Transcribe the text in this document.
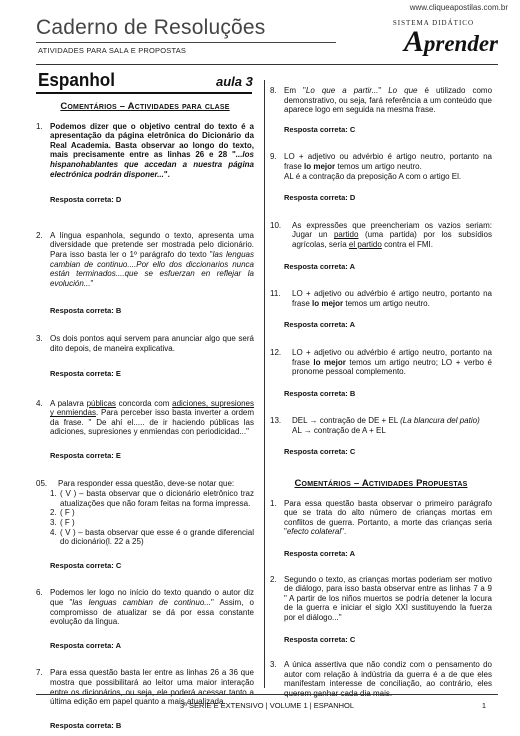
www.cliqueapostilas.com.br
Caderno de Resoluções
ATIVIDADES PARA SALA E PROPOSTAS
SISTEMA DIDÁTICO
Aprender
Espanhol	aula 3
Comentários – Actividades para clase
1. Podemos dizer que o objetivo central do texto é a apresentação da página eletrônica do Dicionário da Real Academia. Basta observar ao longo do texto, mais precisamente entre as linhas 26 e 28 "...los hispanohablantes que accedan a nuestra página electrónica podrán disponer...".
Resposta correta: D
2. A língua espanhola, segundo o texto, apresenta uma diversidade que pretende ser mostrada pelo dicionário. Para isso basta ler o 1º parágrafo do texto "las lenguas cambian de continuo....Por ello dos diccionarios nunca están terminados....que se esfuerzan en reflejar la evolución..."
Resposta correta: B
3. Os dois pontos aqui servem para anunciar algo que será dito depois, de maneira explicativa.
Resposta correta: E
4. A palavra públicas concorda com adiciones, supresiones y enmiendas. Para perceber isso basta inverter a ordem da frase. " De ahí el..... de ir haciendo públicas las adiciones, supresiones y enmiendas con periodicidad..."
Resposta correta: E
05.	Para responder essa questão, deve-se notar que:
1. ( V ) – basta observar que o dicionário eletrônico traz atualizações que não foram feitas na forma impressa.
2. ( F )
3. ( F )
4. ( V ) – basta observar que esse é o grande diferencial do dicionário(l. 22 a 25)
Resposta correta: C
6. Podemos ler logo no início do texto quando o autor diz que "las lenguas cambian de continuo..." Assim, o compromisso de atualizar se dá por essa constante evolução da língua.
Resposta correta: A
7. Para essa questão basta ler entre as linhas 26 a 36 que mostra que possibilitará ao leitor uma maior interação entre os dicionários, ou seja, ele poderá acessar tanto a última edição em papel quanto a mais atualizada.
Resposta correta: B
8. Em "Lo que a partir..." Lo que é utilizado como demonstrativo, ou seja, fará referência a um conteúdo que aparece logo em seguida na mesma frase.
Resposta correta: C
9. LO + adjetivo ou advérbio é artigo neutro, portanto na frase lo mejor temos um artigo neutro.
AL é a contração da preposição A com o artigo El.
Resposta correta: D
10.	As expressões que preencheriam os vazios seriam: Jugar un partido (uma partida) por los subsídios agrícolas, sería el partido contra el FMI.
Resposta correta: A
11.	LO + adjetivo ou advérbio é artigo neutro, portanto na frase lo mejor temos um artigo neutro.
Resposta correta: A
12.	LO + adjetivo ou advérbio é artigo neutro, portanto na frase lo mejor temos um artigo neutro; LO + verbo é pronome pessoal complemento.
Resposta correta: B
13.	DEL → contração de DE + EL (La blancura del patio)
AL → contração de A + EL
Resposta correta: C
Comentários – Actividades Propuestas
1. Para essa questão basta observar o primeiro parágrafo que se trata do alto número de crianças mortas em conflitos de guerra. Portanto, a morte das crianças seria "efecto colateral".
Resposta correta: A
2. Segundo o texto, as crianças mortas poderiam ser motivo de diálogo, para isso basta observar entre as linhas 7 a 9 " A partir de los niños muertos se podría detener la locura de la guerra e iniciar el siglo XXI sustituyendo la fuerza por el diálogo..."
Resposta correta: C
3. A única assertiva que não condiz com o pensamento do autor com relação à indústria da guerra é a de que eles manifestam interesse de conciliação, ao contrário, eles querem ganhar cada dia mais.
3ª SÉRIE E EXTENSIVO | VOLUME 1 | ESPANHOL	1
